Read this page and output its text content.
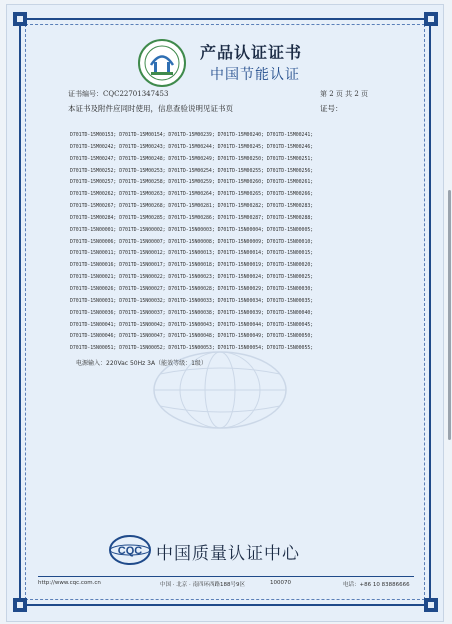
产品认证证书
中国节能认证
证书编号：CQC22701347453	第 2 页 共 2 页
本证书及附件应同时使用，信息查验说明见证书页	证号：
D701TD-15M00153; D701TD-15M00154; D701TD-15M00239; D701TD-15M00240; D701TD-15M00241;
D701TD-15M00242; D701TD-15M00243; D701TD-15M00244; D701TD-15M00245; D701TD-15M00246;
D701TD-15M00247; D701TD-15M00248; D701TD-15M00249; D701TD-15M00250; D701TD-15M00251;
D701TD-15M00252; D701TD-15M00253; D701TD-15M00254; D701TD-15M00255; D701TD-15M00256;
D701TD-15M00257; D701TD-15M00258; D701TD-15M00259; D701TD-15M00260; D701TD-15M00261;
D701TD-15M00262; D701TD-15M00263; D701TD-15M00264; D701TD-15M00265; D701TD-15M00266;
D701TD-15M00267; D701TD-15M00268; D701TD-15M00281; D701TD-15M00282; D701TD-15M00283;
D701TD-15M00284; D701TD-15M00285; D701TD-15M00286; D701TD-15M00287; D701TD-15M00288;
D701TD-15N00001; D701TD-15N00002; D701TD-15N00003; D701TD-15N00004; D701TD-15N00005;
D701TD-15N00006; D701TD-15N00007; D701TD-15N00008; D701TD-15N00009; D701TD-15N00010;
D701TD-15N00011; D701TD-15N00012; D701TD-15N00013; D701TD-15N00014; D701TD-15N00015;
D701TD-15N00016; D701TD-15N00017; D701TD-15N00018; D701TD-15N00019; D701TD-15N00020;
D701TD-15N00021; D701TD-15N00022; D701TD-15N00023; D701TD-15N00024; D701TD-15N00025;
D701TD-15N00026; D701TD-15N00027; D701TD-15N00028; D701TD-15N00029; D701TD-15N00030;
D701TD-15N00031; D701TD-15N00032; D701TD-15N00033; D701TD-15N00034; D701TD-15N00035;
D701TD-15N00036; D701TD-15N00037; D701TD-15N00038; D701TD-15N00039; D701TD-15N00040;
D701TD-15N00041; D701TD-15N00042; D701TD-15N00043; D701TD-15N00044; D701TD-15N00045;
D701TD-15N00046; D701TD-15N00047; D701TD-15N00048; D701TD-15N00049; D701TD-15N00050;
D701TD-15N00051; D701TD-15N00052; D701TD-15N00053; D701TD-15N00054; D701TD-15N00055;
电源输入：220Vac 50Hz 3A（能效等级：1级）
CQC 中国质量认证中心
http://www.cqc.com.cn	中国 · 北京 · 南四环西路188号9区	100070	电话：+86 10 83886666
